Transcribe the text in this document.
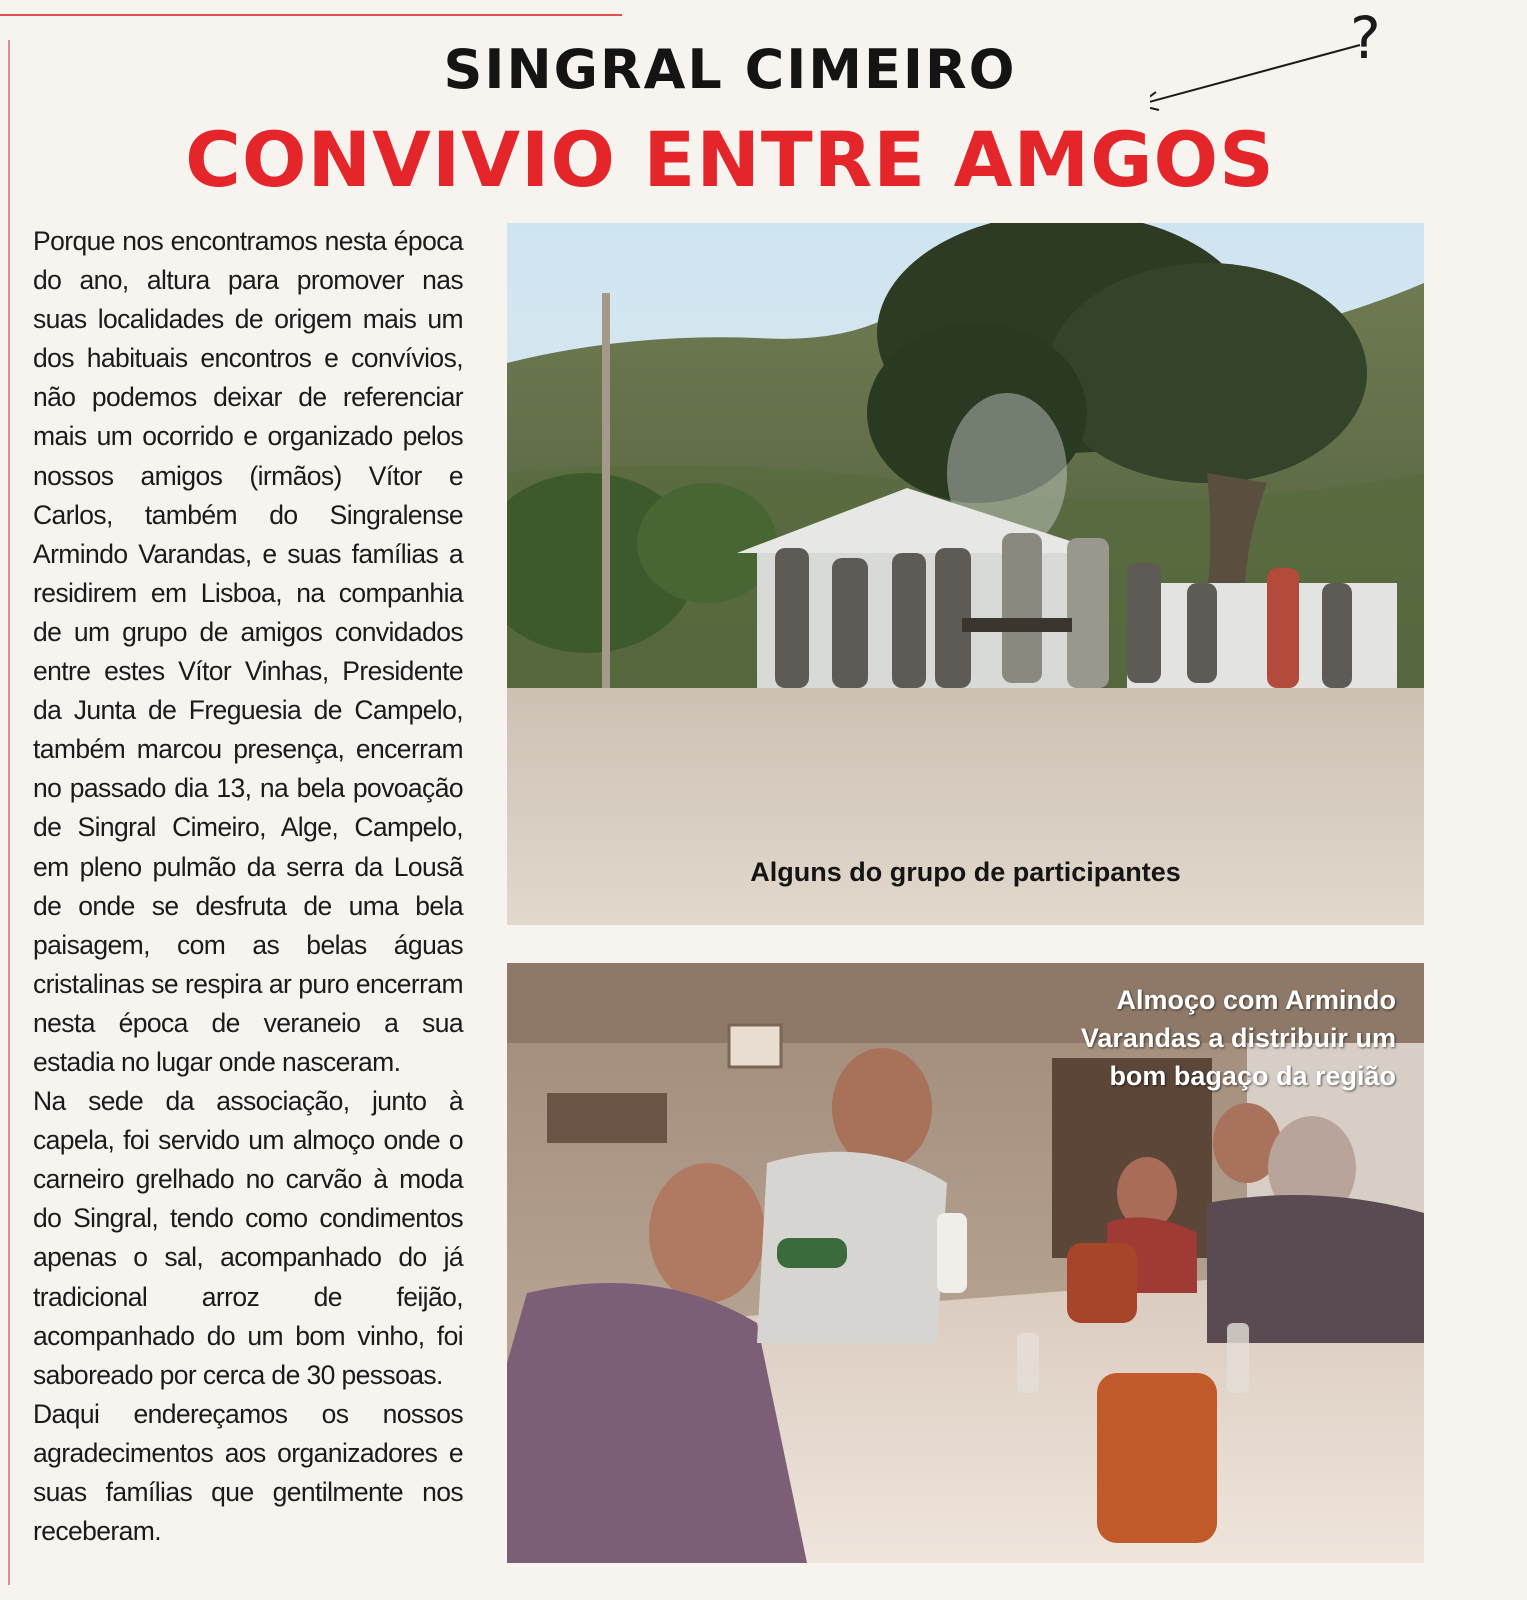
SINGRAL CIMEIRO
CONVIVIO ENTRE AMGOS
?

Porque nos encontramos nesta época do ano, altura para promover nas suas localidades de origem mais um dos habituais encontros e convívios, não podemos deixar de referenciar mais um ocorrido e organizado pelos nossos amigos (irmãos) Vítor e Carlos, também do Singralense Armindo Varandas, e suas famílias a residirem em Lisboa, na companhia de um grupo de amigos convidados entre estes Vítor Vinhas, Presidente da Junta de Freguesia de Campelo, também marcou presença, encerram no passado dia 13, na bela povoação de Singral Cimeiro, Alge, Campelo, em pleno pulmão da serra da Lousã de onde se desfruta de uma bela paisagem, com as belas águas cristalinas se respira ar puro encerram nesta época de veraneio a sua estadia no lugar onde nasceram.

Na sede da associação, junto à capela, foi servido um almoço onde o carneiro grelhado no carvão à moda do Singral, tendo como condimentos apenas o sal, acompanhado do já tradicional arroz de feijão, acompanhado do um bom vinho, foi saboreado por cerca de 30 pessoas.

Daqui endereçamos os nossos agradecimentos aos organizadores e suas famílias que gentilmente nos receberam.

Alguns do grupo de participantes
Almoço com Armindo Varandas a distribuir um bom bagaço da região
